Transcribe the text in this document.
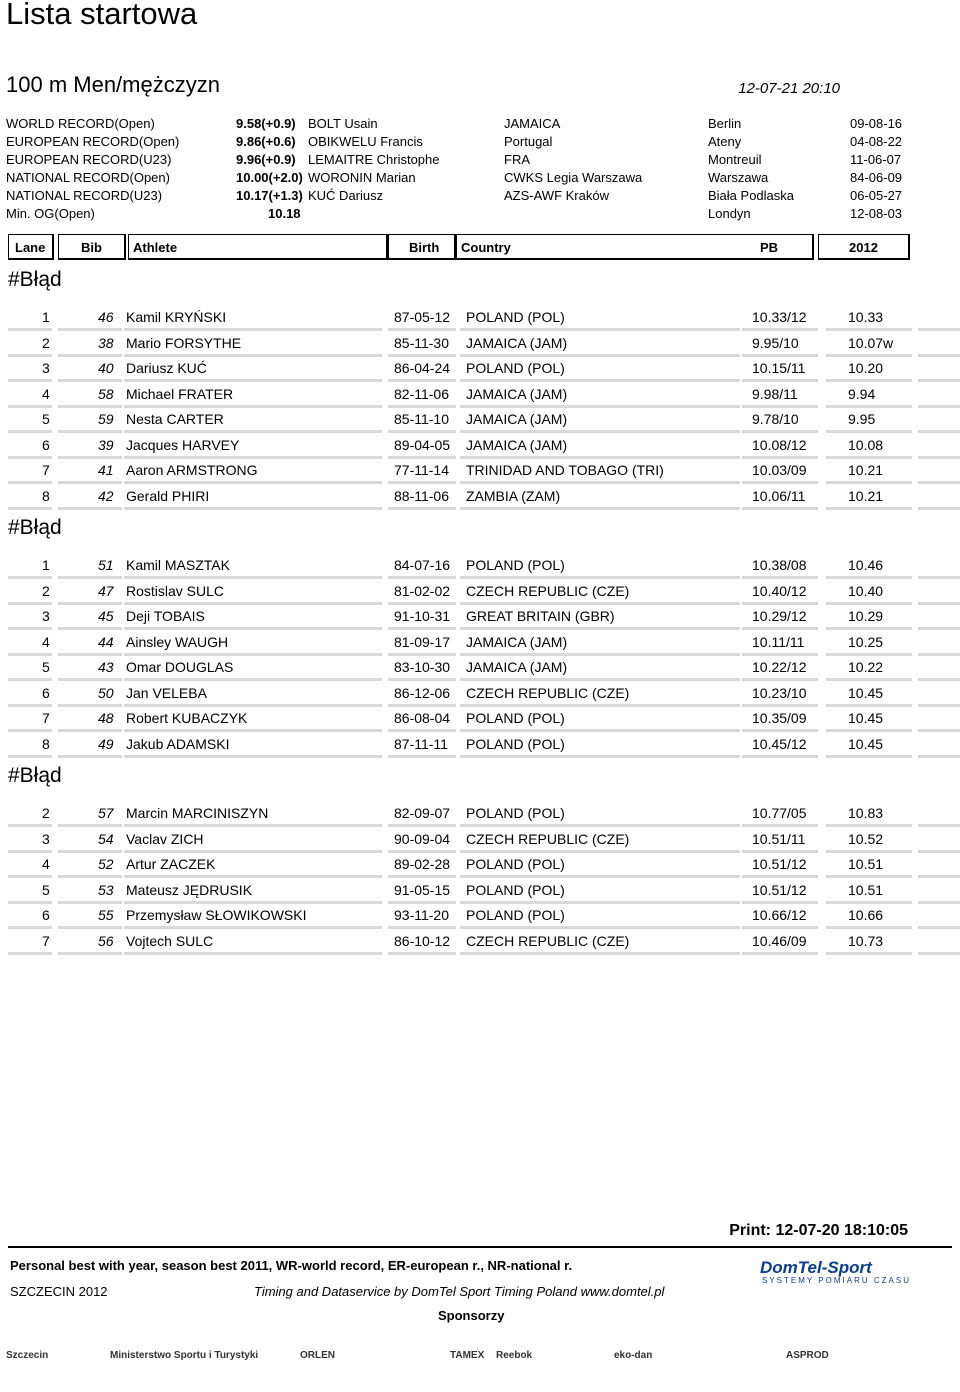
Lista startowa
100 m Men/mężczyzn	12-07-21 20:10
WORLD RECORD(Open)	9.58(+0.9) BOLT Usain	JAMAICA	Berlin	09-08-16
EUROPEAN RECORD(Open)	9.86(+0.6) OBIKWELU Francis	Portugal	Ateny	04-08-22
EUROPEAN RECORD(U23)	9.96(+0.9) LEMAITRE Christophe	FRA	Montreuil	11-06-07
NATIONAL RECORD(Open)	10.00(+2.0) WORONIN Marian	CWKS Legia Warszawa	Warszawa	84-06-09
NATIONAL RECORD(U23)	10.17(+1.3) KUĆ Dariusz	AZS-AWF Kraków	Biała Podlaska	06-05-27
Min. OG(Open)	10.18	Londyn	12-08-03
Lane	Bib	Athlete	Birth	Country	PB	2012
#Błąd
1	46 Kamil KRYŃSKI	87-05-12 POLAND (POL)	10.33/12	10.33
2	38 Mario FORSYTHE	85-11-30 JAMAICA (JAM)	9.95/10	10.07w
3	40 Dariusz KUĆ	86-04-24 POLAND (POL)	10.15/11	10.20
4	58 Michael FRATER	82-11-06 JAMAICA (JAM)	9.98/11	9.94
5	59 Nesta CARTER	85-11-10 JAMAICA (JAM)	9.78/10	9.95
6	39 Jacques HARVEY	89-04-05 JAMAICA (JAM)	10.08/12	10.08
7	41 Aaron ARMSTRONG	77-11-14 TRINIDAD AND TOBAGO (TRI)	10.03/09	10.21
8	42 Gerald PHIRI	88-11-06 ZAMBIA (ZAM)	10.06/11	10.21
#Błąd
1	51 Kamil MASZTAK	84-07-16 POLAND (POL)	10.38/08	10.46
2	47 Rostislav SULC	81-02-02 CZECH REPUBLIC (CZE)	10.40/12	10.40
3	45 Deji TOBAIS	91-10-31 GREAT BRITAIN (GBR)	10.29/12	10.29
4	44 Ainsley WAUGH	81-09-17 JAMAICA (JAM)	10.11/11	10.25
5	43 Omar DOUGLAS	83-10-30 JAMAICA (JAM)	10.22/12	10.22
6	50 Jan VELEBA	86-12-06 CZECH REPUBLIC (CZE)	10.23/10	10.45
7	48 Robert KUBACZYK	86-08-04 POLAND (POL)	10.35/09	10.45
8	49 Jakub ADAMSKI	87-11-11 POLAND (POL)	10.45/12	10.45
#Błąd
2	57 Marcin MARCINISZYN	82-09-07 POLAND (POL)	10.77/05	10.83
3	54 Vaclav ZICH	90-09-04 CZECH REPUBLIC (CZE)	10.51/11	10.52
4	52 Artur ZACZEK	89-02-28 POLAND (POL)	10.51/12	10.51
5	53 Mateusz JĘDRUSIK	91-05-15 POLAND (POL)	10.51/12	10.51
6	55 Przemysław SŁOWIKOWSKI	93-11-20 POLAND (POL)	10.66/12	10.66
7	56 Vojtech SULC	86-10-12 CZECH REPUBLIC (CZE)	10.46/09	10.73
Print: 12-07-20 18:10:05
Personal best with year, season best 2011, WR-world record, ER-european r., NR-national r.
SZCZECIN 2012	Timing and Dataservice by DomTel Sport Timing Poland www.domtel.pl
Sponsorzy
DomTel-Sport
SYSTEMY POMIARU CZASU
Szczecin	Ministerstwo Sportu i Turystyki	ORLEN	TAMEX Reebok	eko-dan	ASPROD
